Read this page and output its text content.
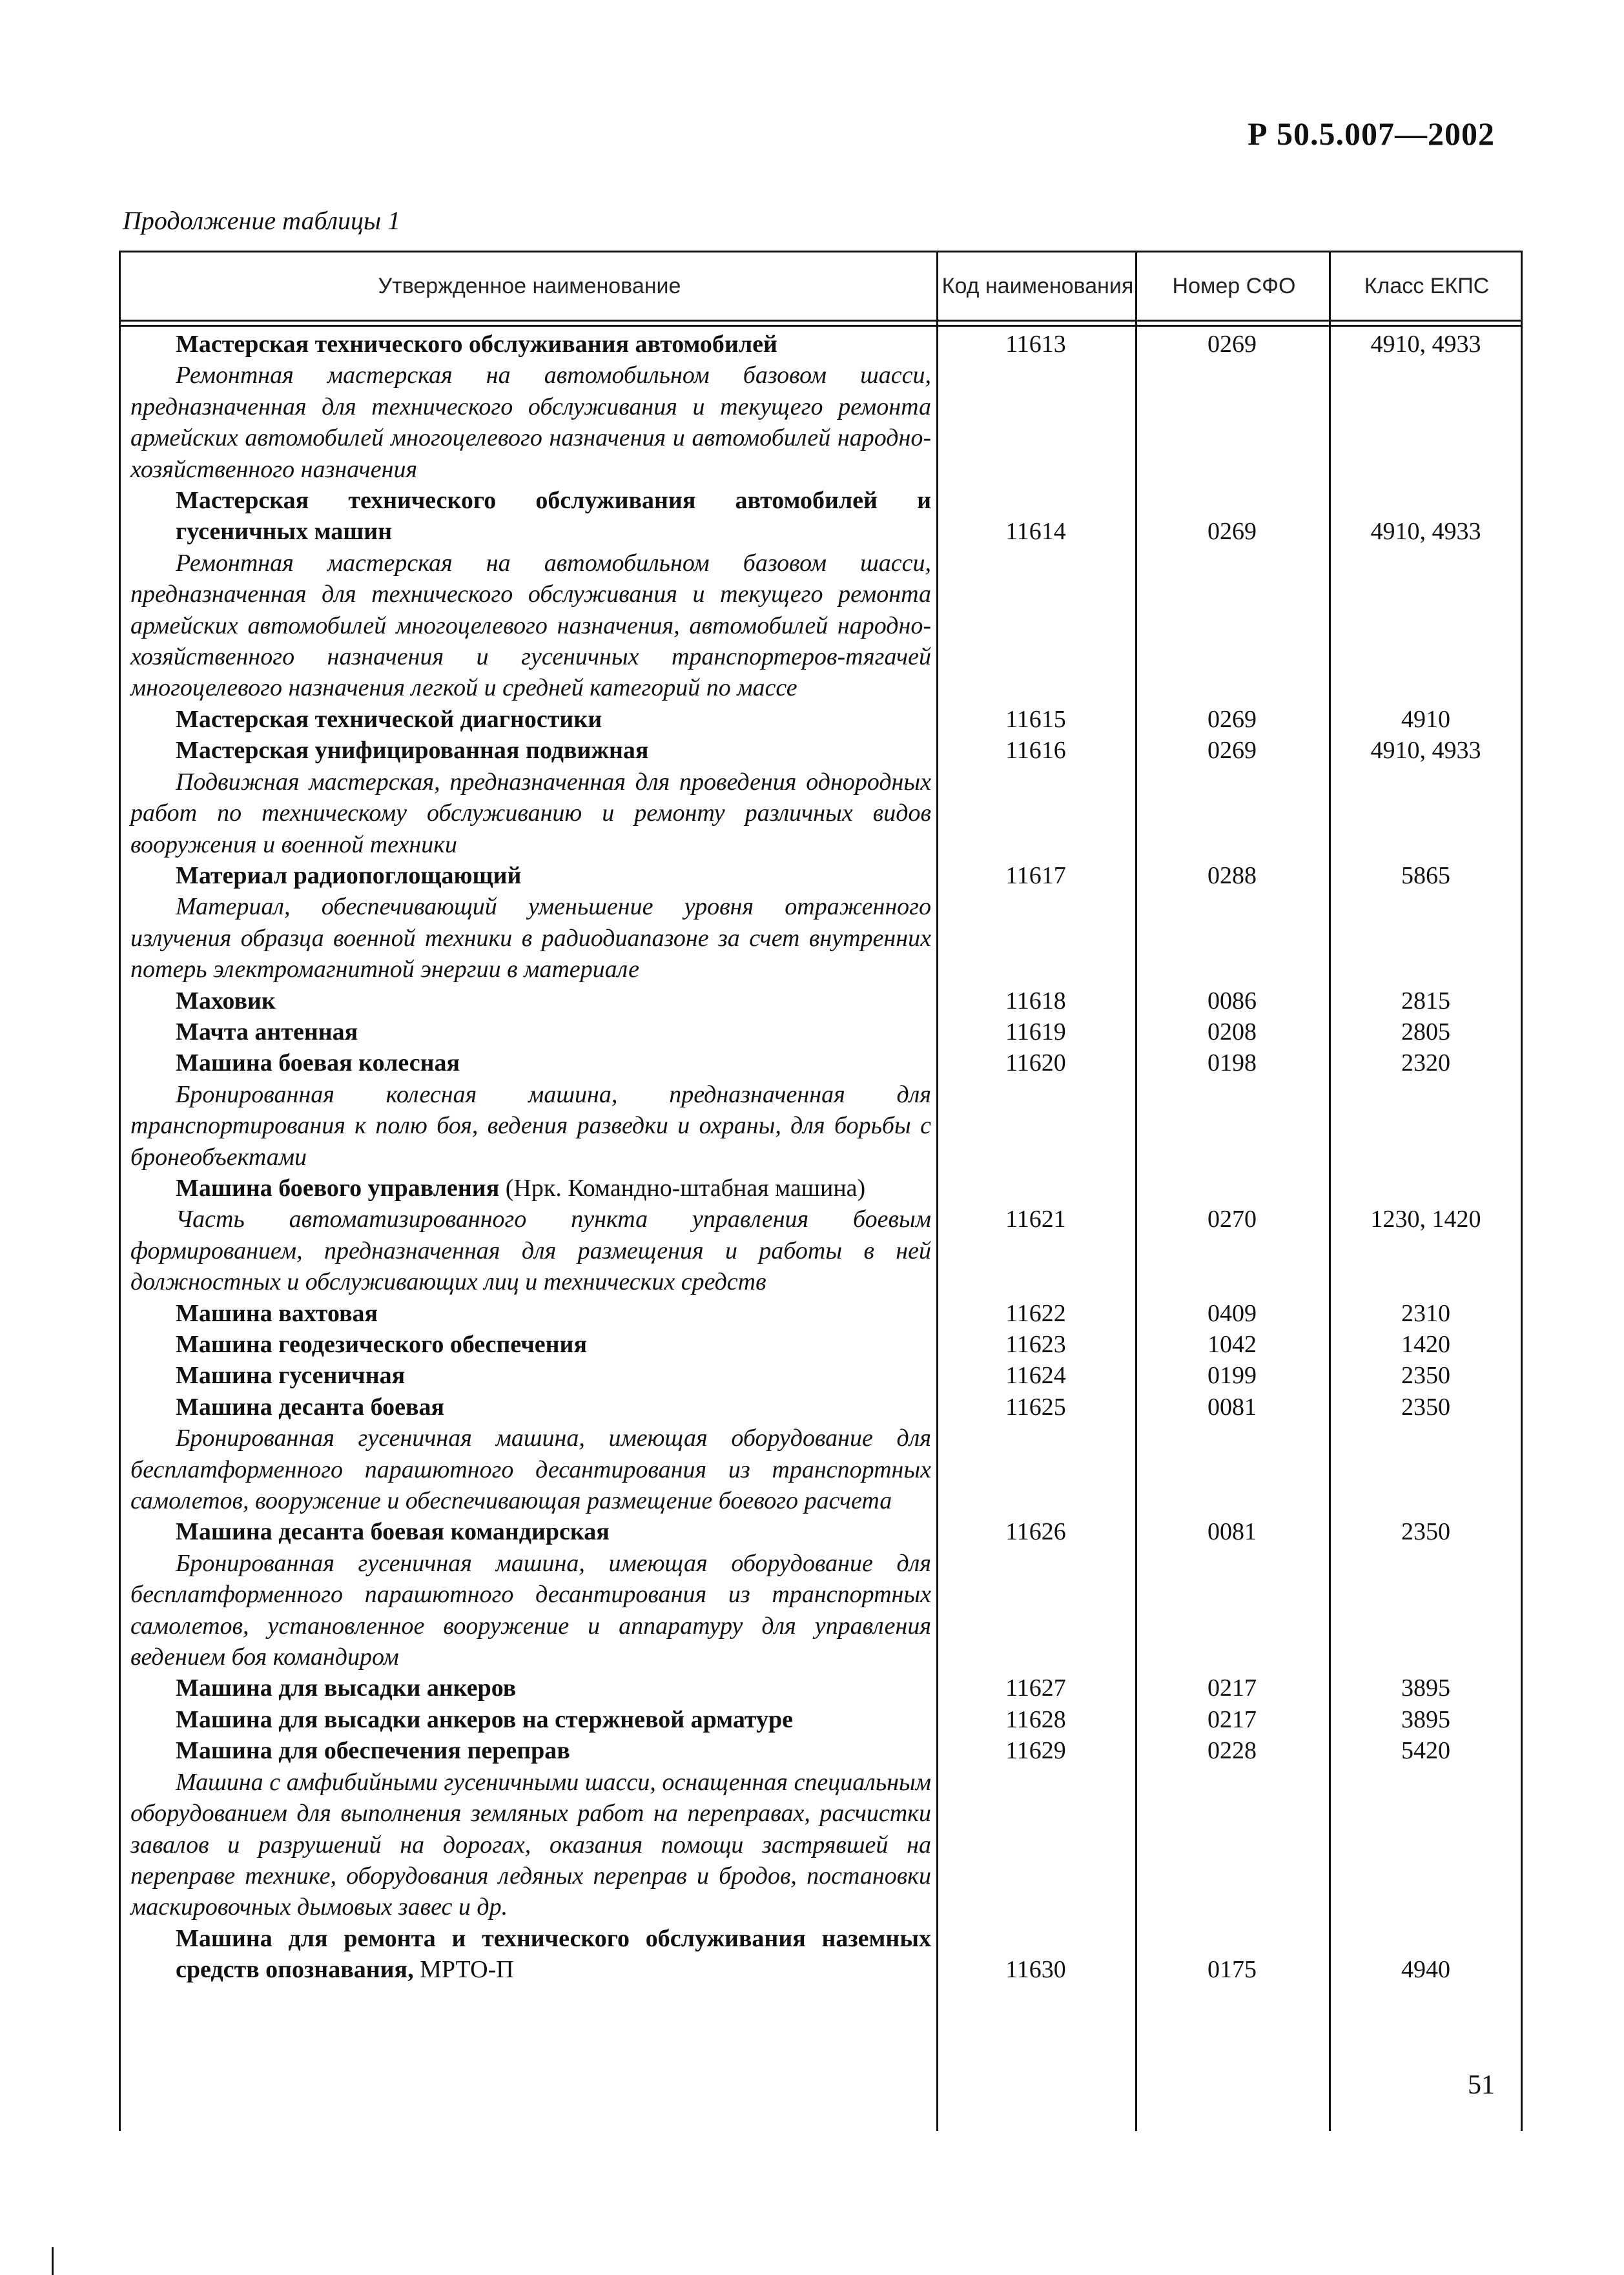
Р 50.5.007—2002
Продолжение таблицы 1
Утвержденное наименование	Код наименования	Номер СФО	Класс ЕКПС
Мастерская технического обслуживания автомобилей
Ремонтная мастерская на автомобильном базовом шасси, предназначенная для технического обслуживания и текущего ремонта армейских автомобилей многоцелевого назначения и автомобилей народно-хозяйственного назначения
11613	0269	4910, 4933
Мастерская технического обслуживания автомобилей и гусеничных машин
Ремонтная мастерская на автомобильном базовом шасси, предназначенная для технического обслуживания и текущего ремонта армейских автомобилей многоцелевого назначения, автомобилей народно-хозяйственного назначения и гусеничных транспортеров-тягачей многоцелевого назначения легкой и средней категорий по массе
11614	0269	4910, 4933
Мастерская технической диагностики	11615	0269	4910
Мастерская унифицированная подвижная
Подвижная мастерская, предназначенная для проведения однородных работ по техническому обслуживанию и ремонту различных видов вооружения и военной техники
11616	0269	4910, 4933
Материал радиопоглощающий
Материал, обеспечивающий уменьшение уровня отраженного излучения образца военной техники в радиодиапазоне за счет внутренних потерь электромагнитной энергии в материале
11617	0288	5865
Маховик	11618	0086	2815
Мачта антенная	11619	0208	2805
Машина боевая колесная
Бронированная колесная машина, предназначенная для транспортирования к полю боя, ведения разведки и охраны, для борьбы с бронеобъектами
11620	0198	2320
Машина боевого управления (Нрк. Командно-штабная машина)
Часть автоматизированного пункта управления боевым формированием, предназначенная для размещения и работы в ней должностных и обслуживающих лиц и технических средств
11621	0270	1230, 1420
Машина вахтовая	11622	0409	2310
Машина геодезического обеспечения	11623	1042	1420
Машина гусеничная	11624	0199	2350
Машина десанта боевая
Бронированная гусеничная машина, имеющая оборудование для бесплатформенного парашютного десантирования из транспортных самолетов, вооружение и обеспечивающая размещение боевого расчета
11625	0081	2350
Машина десанта боевая командирская
Бронированная гусеничная машина, имеющая оборудование для бесплатформенного парашютного десантирования из транспортных самолетов, установленное вооружение и аппаратуру для управления ведением боя командиром
11626	0081	2350
Машина для высадки анкеров	11627	0217	3895
Машина для высадки анкеров на стержневой арматуре	11628	0217	3895
Машина для обеспечения переправ
Машина с амфибийными гусеничными шасси, оснащенная специальным оборудованием для выполнения земляных работ на переправах, расчистки завалов и разрушений на дорогах, оказания помощи застрявшей на переправе технике, оборудования ледяных переправ и бродов, постановки маскировочных дымовых завес и др.
11629	0228	5420
Машина для ремонта и технического обслуживания наземных средств опознавания, МРТО-П	11630	0175	4940
51
